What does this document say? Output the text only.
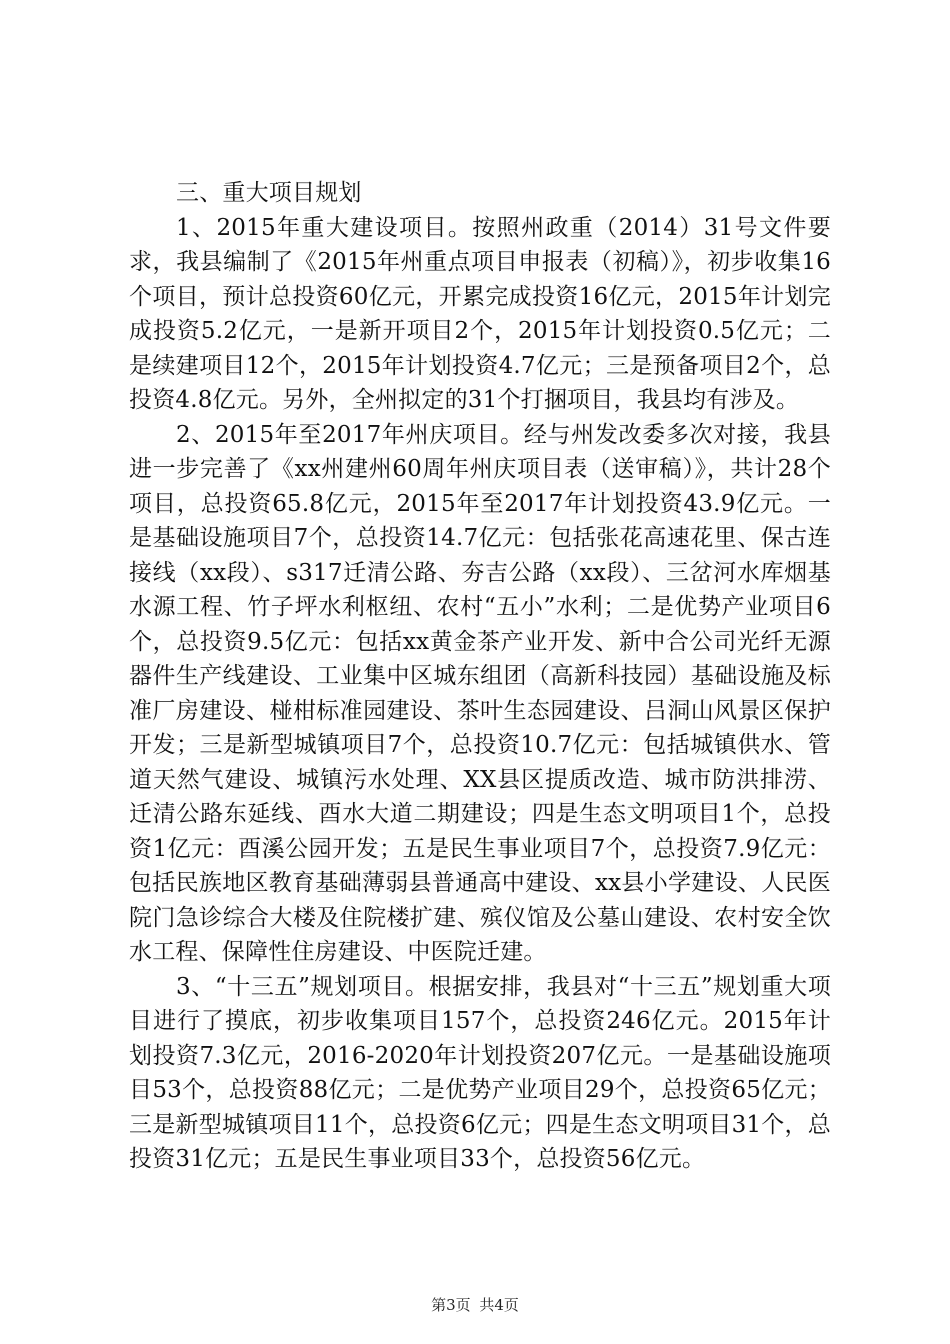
三、重大项目规划

1、2015年重大建设项目。按照州政重（2014）31号文件要求，我县编制了《2015年州重点项目申报表（初稿）》，初步收集16个项目，预计总投资60亿元，开累完成投资16亿元，2015年计划完成投资5.2亿元，一是新开项目2个，2015年计划投资0.5亿元；二是续建项目12个，2015年计划投资4.7亿元；三是预备项目2个，总投资4.8亿元。另外，全州拟定的31个打捆项目，我县均有涉及。

2、2015年至2017年州庆项目。经与州发改委多次对接，我县进一步完善了《xx州建州60周年州庆项目表（送审稿）》，共计28个项目，总投资65.8亿元，2015年至2017年计划投资43.9亿元。一是基础设施项目7个，总投资14.7亿元：包括张花高速花里、保古连接线（xx段）、s317迁清公路、夯吉公路（xx段）、三岔河水库烟基水源工程、竹子坪水利枢纽、农村“五小”水利；二是优势产业项目6个，总投资9.5亿元：包括xx黄金茶产业开发、新中合公司光纤无源器件生产线建设、工业集中区城东组团（高新科技园）基础设施及标准厂房建设、椪柑标准园建设、茶叶生态园建设、吕洞山风景区保护开发；三是新型城镇项目7个，总投资10.7亿元：包括城镇供水、管道天然气建设、城镇污水处理、XX县区提质改造、城市防洪排涝、迁清公路东延线、酉水大道二期建设；四是生态文明项目1个，总投资1亿元：酉溪公园开发；五是民生事业项目7个，总投资7.9亿元：包括民族地区教育基础薄弱县普通高中建设、xx县小学建设、人民医院门急诊综合大楼及住院楼扩建、殡仪馆及公墓山建设、农村安全饮水工程、保障性住房建设、中医院迁建。

3、“十三五”规划项目。根据安排，我县对“十三五”规划重大项目进行了摸底，初步收集项目157个，总投资246亿元。2015年计划投资7.3亿元，2016-2020年计划投资207亿元。一是基础设施项目53个，总投资88亿元；二是优势产业项目29个，总投资65亿元；三是新型城镇项目11个，总投资6亿元；四是生态文明项目31个，总投资31亿元；五是民生事业项目33个，总投资56亿元。

第3页 共4页
